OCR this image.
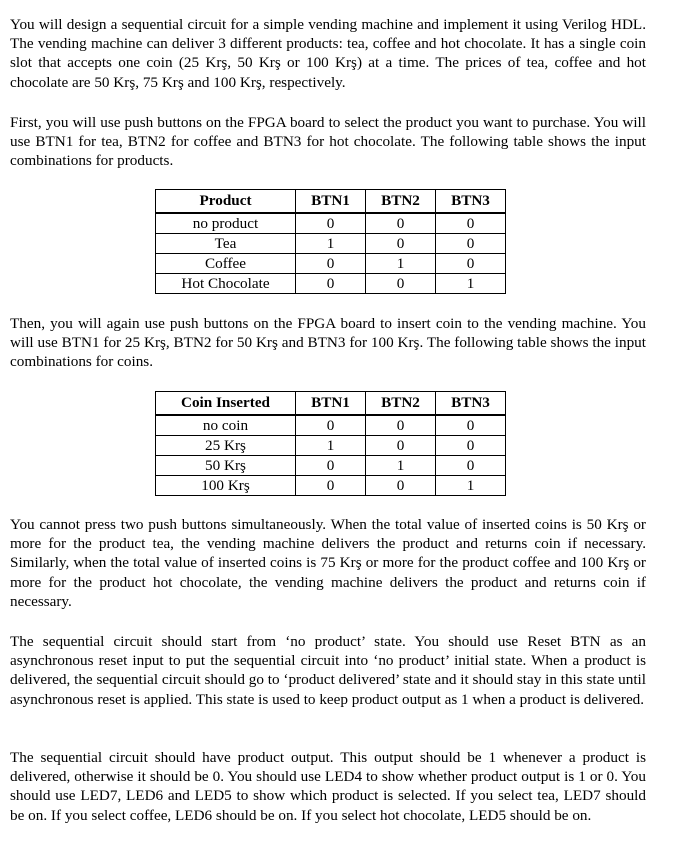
You will design a sequential circuit for a simple vending machine and implement it using Verilog HDL. The vending machine can deliver 3 different products: tea, coffee and hot chocolate. It has a single coin slot that accepts one coin (25 Krş, 50 Krş or 100 Krş) at a time. The prices of tea, coffee and hot chocolate are 50 Krş, 75 Krş and 100 Krş, respectively.

First, you will use push buttons on the FPGA board to select the product you want to purchase. You will use BTN1 for tea, BTN2 for coffee and BTN3 for hot chocolate. The following table shows the input combinations for products.

Product	BTN1	BTN2	BTN3
no product	0	0	0
Tea	1	0	0
Coffee	0	1	0
Hot Chocolate	0	0	1

Then, you will again use push buttons on the FPGA board to insert coin to the vending machine. You will use BTN1 for 25 Krş, BTN2 for 50 Krş and BTN3 for 100 Krş. The following table shows the input combinations for coins.

Coin Inserted	BTN1	BTN2	BTN3
no coin	0	0	0
25 Krş	1	0	0
50 Krş	0	1	0
100 Krş	0	0	1

You cannot press two push buttons simultaneously. When the total value of inserted coins is 50 Krş or more for the product tea, the vending machine delivers the product and returns coin if necessary. Similarly, when the total value of inserted coins is 75 Krş or more for the product coffee and 100 Krş or more for the product hot chocolate, the vending machine delivers the product and returns coin if necessary.

The sequential circuit should start from ‘no product’ state. You should use Reset BTN as an asynchronous reset input to put the sequential circuit into ‘no product’ initial state. When a product is delivered, the sequential circuit should go to ‘product delivered’ state and it should stay in this state until asynchronous reset is applied. This state is used to keep product output as 1 when a product is delivered.

The sequential circuit should have product output. This output should be 1 whenever a product is delivered, otherwise it should be 0. You should use LED4 to show whether product output is 1 or 0. You should use LED7, LED6 and LED5 to show which product is selected. If you select tea, LED7 should be on. If you select coffee, LED6 should be on. If you select hot chocolate, LED5 should be on.
